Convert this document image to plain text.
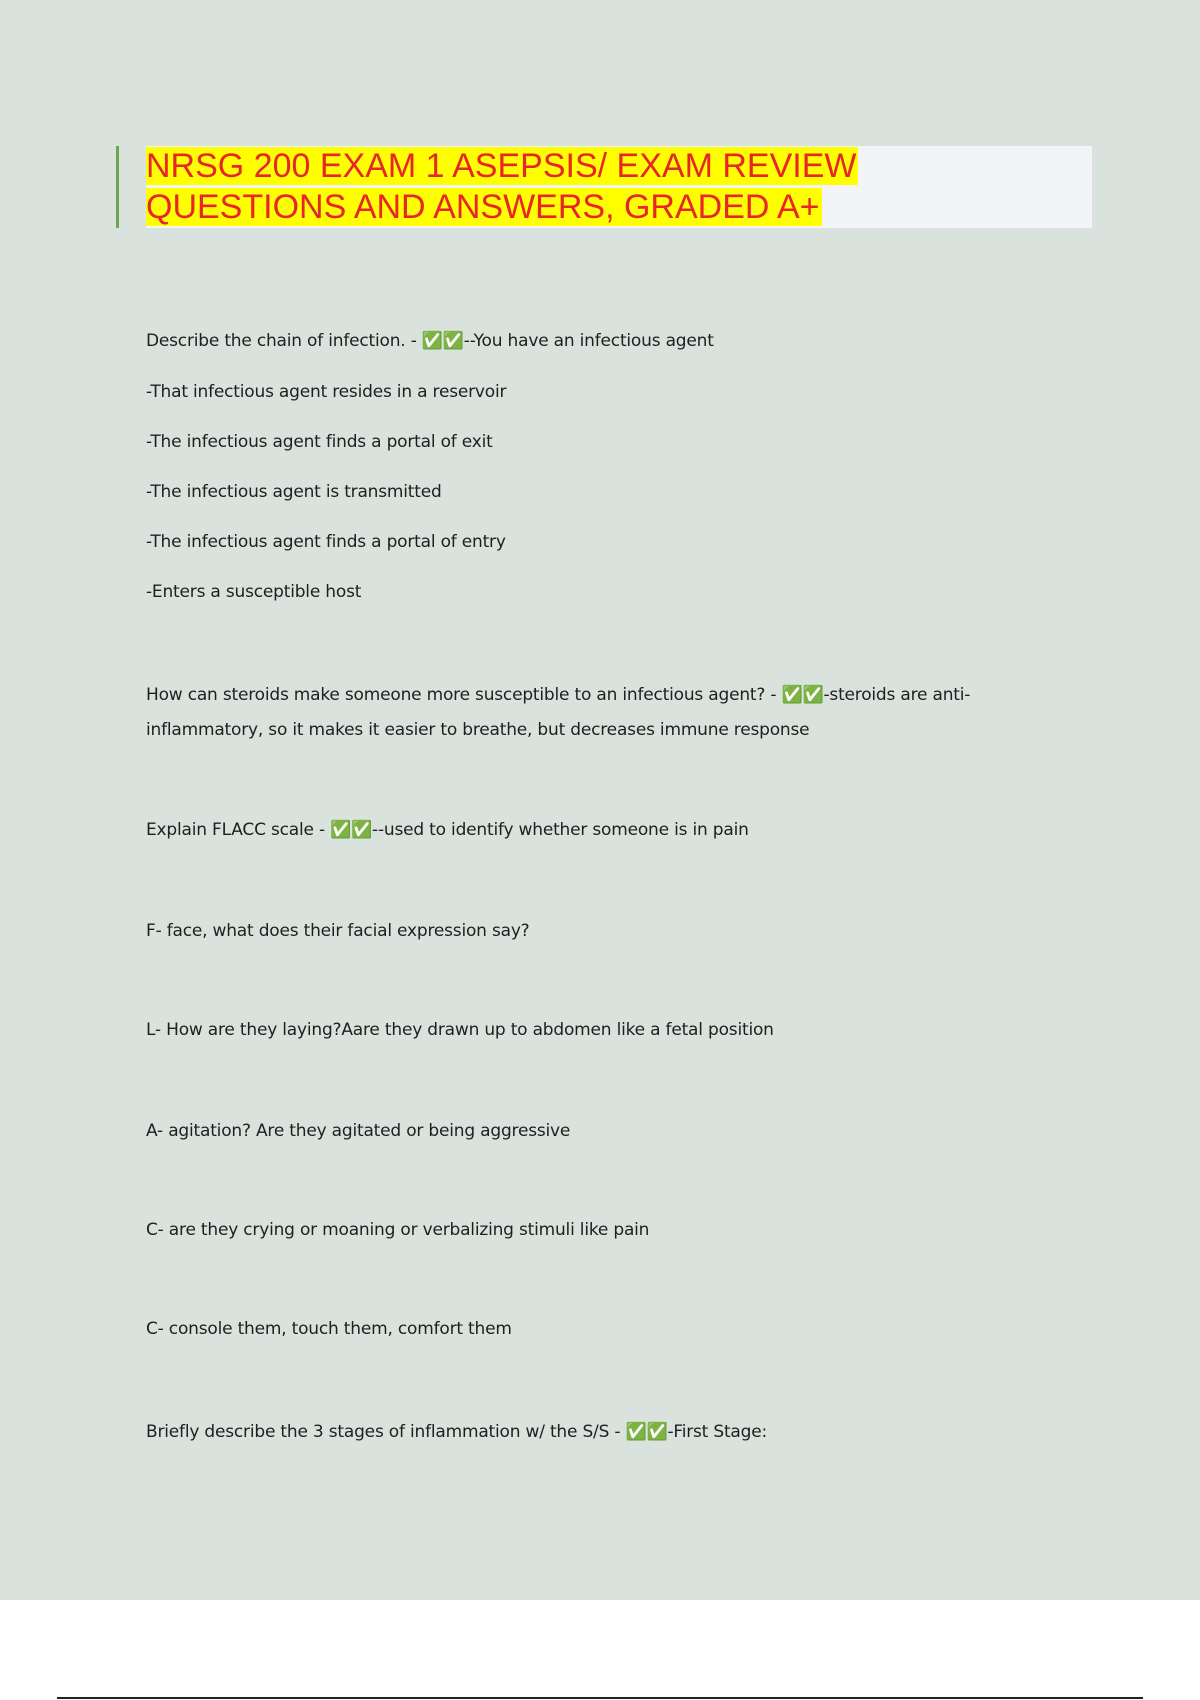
NRSG 200 EXAM 1 ASEPSIS/ EXAM REVIEW
QUESTIONS AND ANSWERS, GRADED A+
Describe the chain of infection. - ✅✅--You have an infectious agent
-That infectious agent resides in a reservoir
-The infectious agent finds a portal of exit
-The infectious agent is transmitted
-The infectious agent finds a portal of entry
-Enters a susceptible host
How can steroids make someone more susceptible to an infectious agent? - ✅✅-steroids are anti-inflammatory, so it makes it easier to breathe, but decreases immune response
Explain FLACC scale - ✅✅--used to identify whether someone is in pain
F- face, what does their facial expression say?
L- How are they laying?Aare they drawn up to abdomen like a fetal position
A- agitation? Are they agitated or being aggressive
C- are they crying or moaning or verbalizing stimuli like pain
C- console them, touch them, comfort them
Briefly describe the 3 stages of inflammation w/ the S/S - ✅✅-First Stage:
